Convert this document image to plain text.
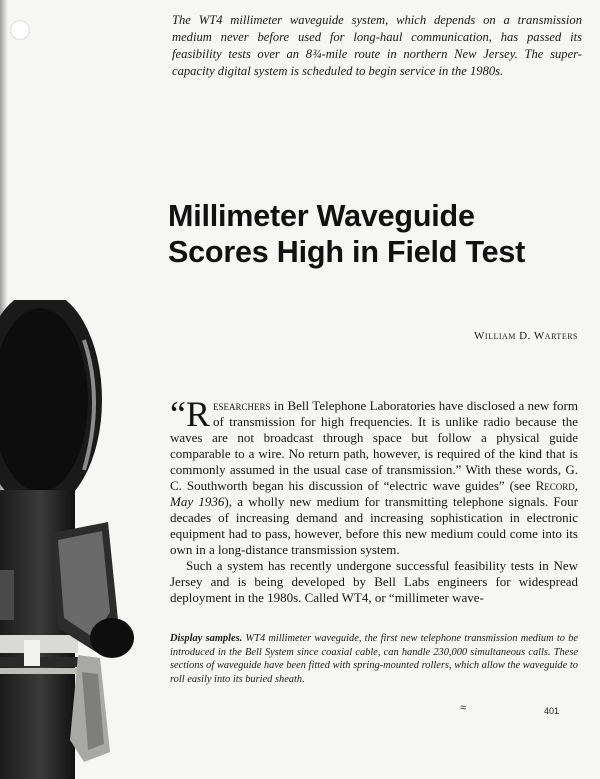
The WT4 millimeter waveguide system, which depends on a transmission medium never before used for long-haul communication, has passed its feasibility tests over an 8¾-mile route in northern New Jersey. The super-capacity digital system is scheduled to begin service in the 1980s.
Millimeter Waveguide
Scores High in Field Test
William D. Warters

“Researchers in Bell Telephone Laboratories have disclosed a new form of transmission for high frequencies. It is unlike radio because the waves are not broadcast through space but follow a physical guide comparable to a wire. No return path, however, is required of the kind that is commonly assumed in the usual case of transmission.” With these words, G. C. Southworth began his discussion of “electric wave guides” (see Record, May 1936), a wholly new medium for transmitting telephone signals. Four decades of increasing demand and increasing sophistication in electronic equipment had to pass, however, before this new medium could come into its own in a long-distance transmission system.

Such a system has recently undergone successful feasibility tests in New Jersey and is being developed by Bell Labs engineers for widespread deployment in the 1980s. Called WT4, or “millimeter wave-

Display samples. WT4 millimeter waveguide, the first new telephone transmission medium to be introduced in the Bell System since coaxial cable, can handle 230,000 simultaneous calls. These sections of waveguide have been fitted with spring-mounted rollers, which allow the waveguide to roll easily into its buried sheath.
≈	401
